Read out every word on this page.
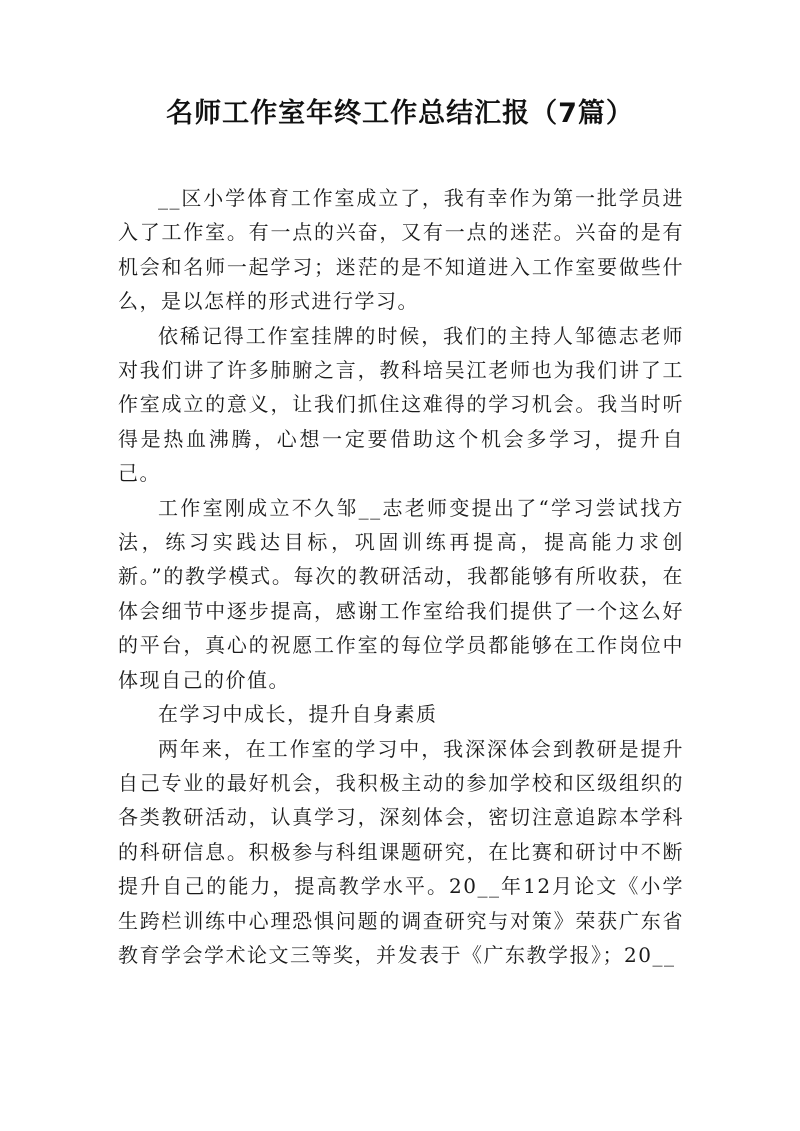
名师工作室年终工作总结汇报（7篇）

__区小学体育工作室成立了，我有幸作为第一批学员进入了工作室。有一点的兴奋，又有一点的迷茫。兴奋的是有机会和名师一起学习；迷茫的是不知道进入工作室要做些什么，是以怎样的形式进行学习。

依稀记得工作室挂牌的时候，我们的主持人邹德志老师对我们讲了许多肺腑之言，教科培吴江老师也为我们讲了工作室成立的意义，让我们抓住这难得的学习机会。我当时听得是热血沸腾，心想一定要借助这个机会多学习，提升自己。

工作室刚成立不久邹__志老师变提出了“学习尝试找方法，练习实践达目标，巩固训练再提高，提高能力求创新。”的教学模式。每次的教研活动，我都能够有所收获，在体会细节中逐步提高，感谢工作室给我们提供了一个这么好的平台，真心的祝愿工作室的每位学员都能够在工作岗位中体现自己的价值。

在学习中成长，提升自身素质

两年来，在工作室的学习中，我深深体会到教研是提升自己专业的最好机会，我积极主动的参加学校和区级组织的各类教研活动，认真学习，深刻体会，密切注意追踪本学科的科研信息。积极参与科组课题研究，在比赛和研讨中不断提升自己的能力，提高教学水平。20__年12月论文《小学生跨栏训练中心理恐惧问题的调查研究与对策》荣获广东省教育学会学术论文三等奖，并发表于《广东教学报》；20__
